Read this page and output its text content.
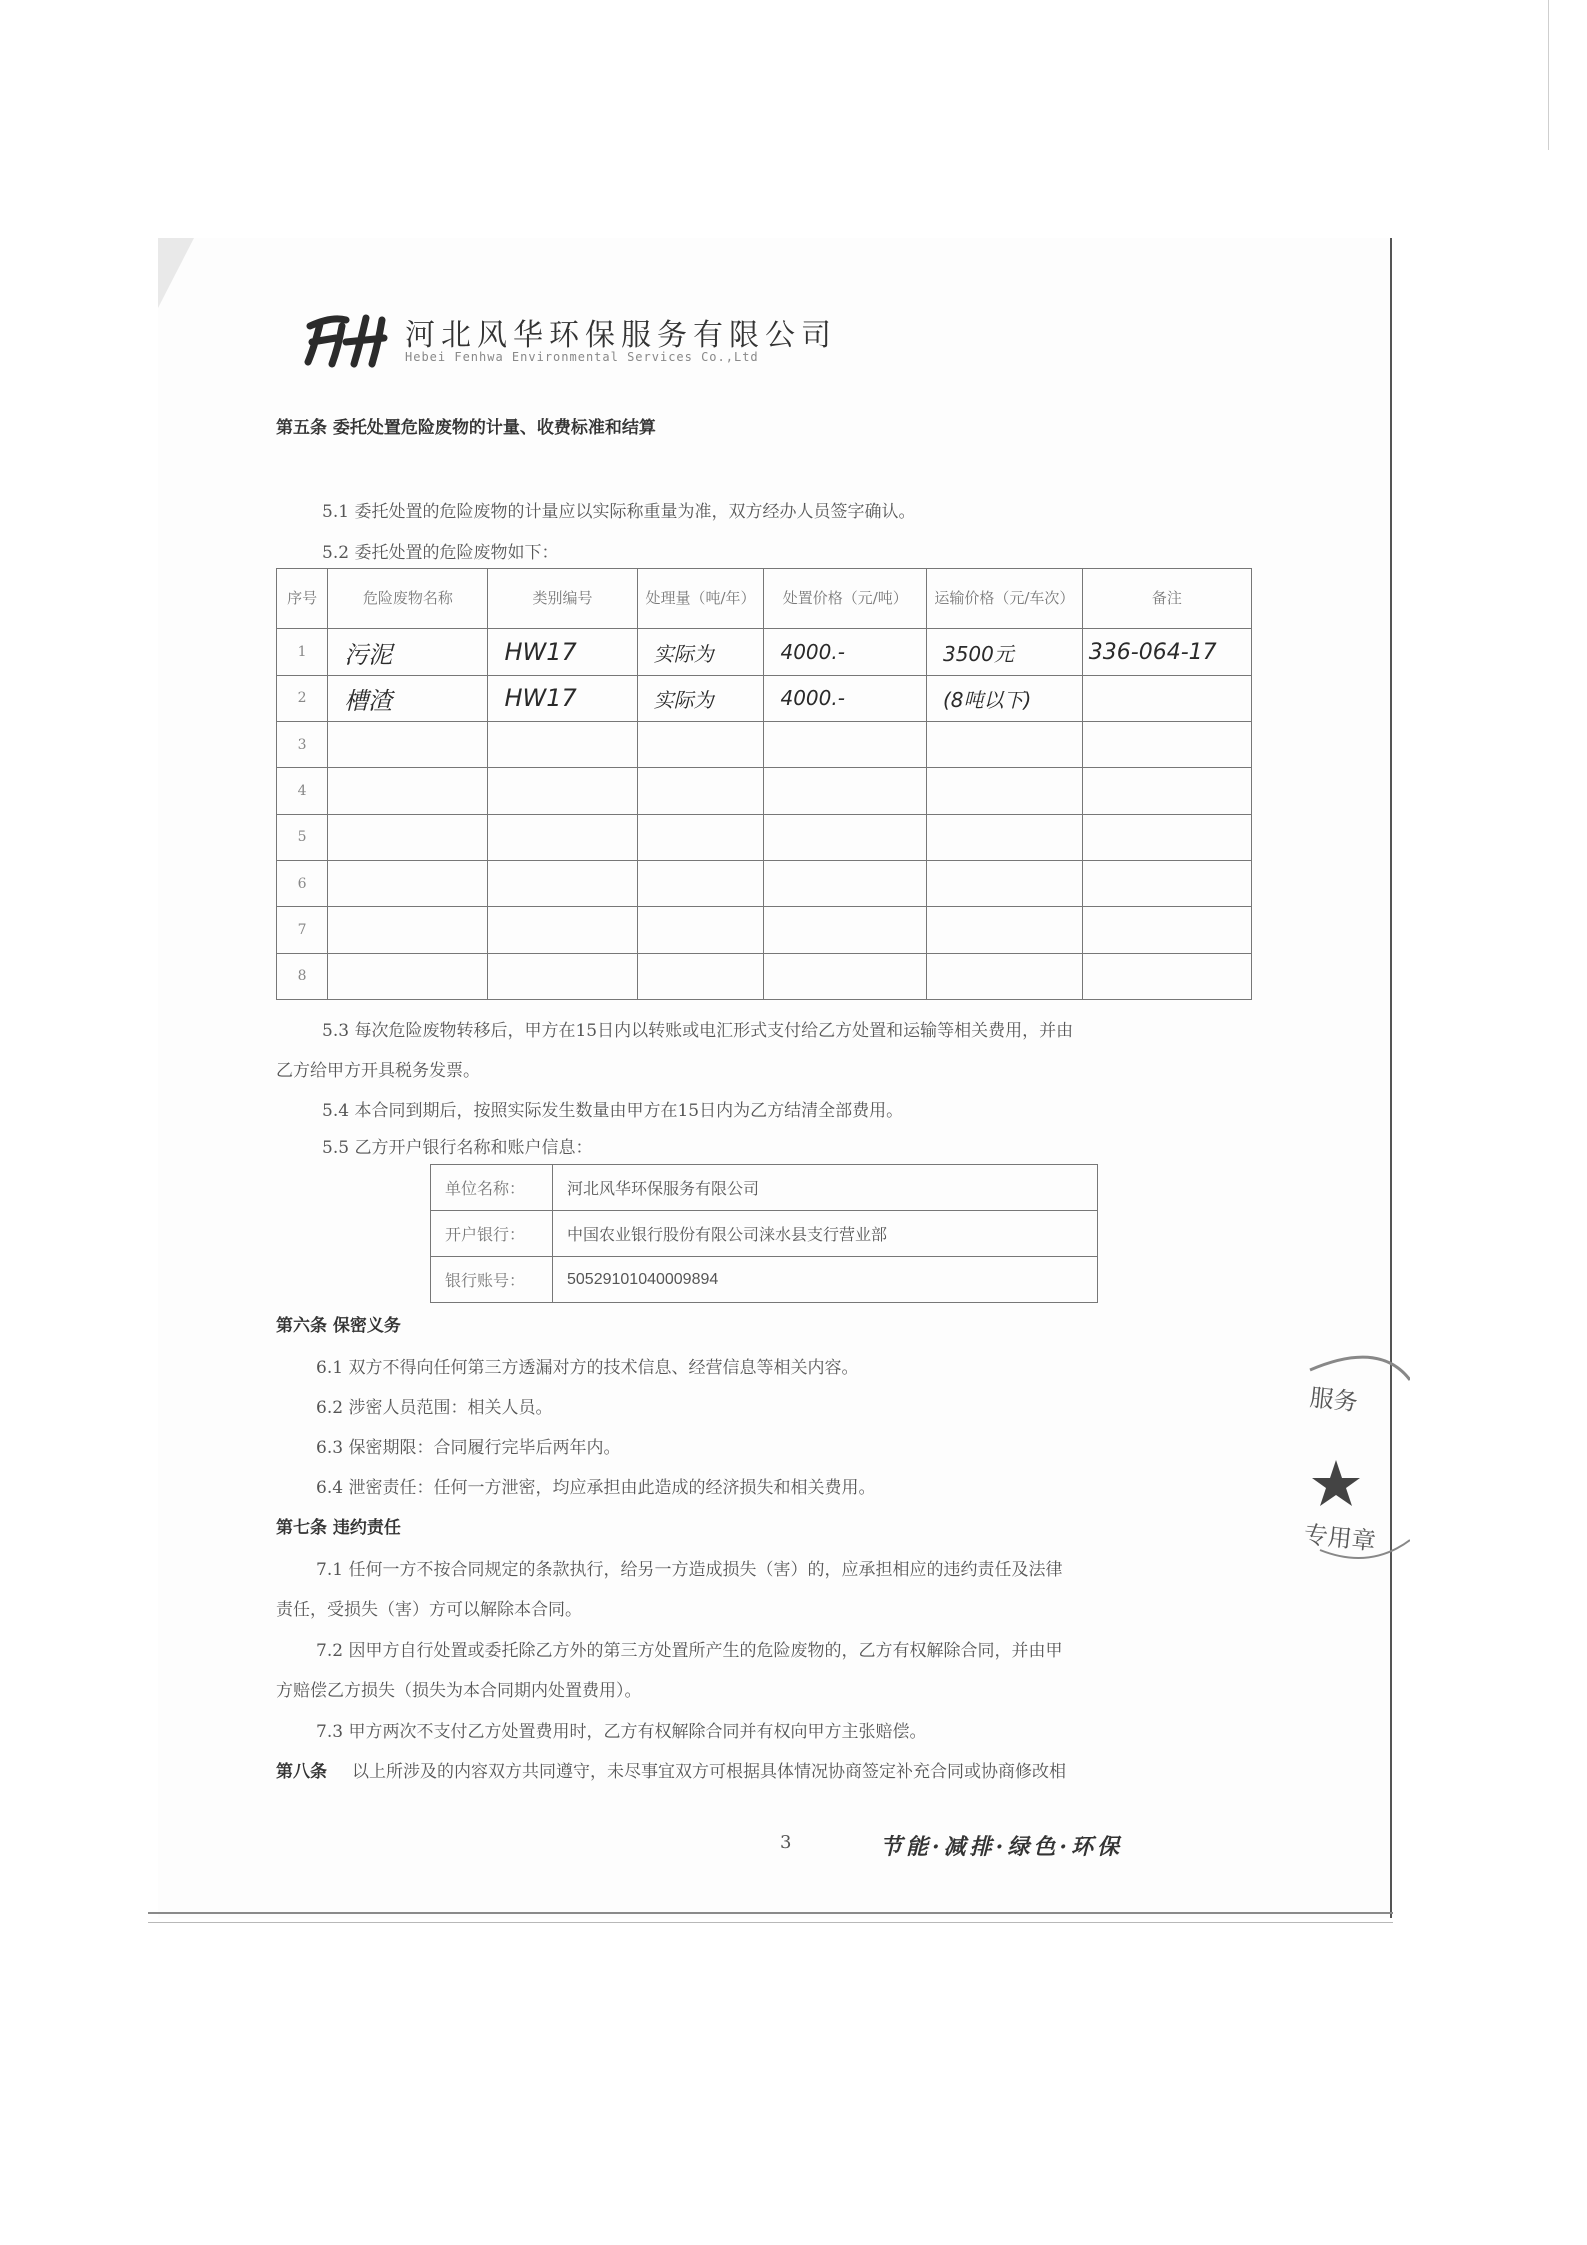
河北风华环保服务有限公司
Hebei Fenhwa Environmental Services Co.,Ltd
第五条 委托处置危险废物的计量、收费标准和结算
5.1 委托处置的危险废物的计量应以实际称重量为准，双方经办人员签字确认。
5.2 委托处置的危险废物如下：
序号	危险废物名称	类别编号	处理量（吨/年）	处置价格（元/吨）	运输价格（元/车次）	备注
1	污泥	HW17	实际为	4000.-	3500元	336-064-17
2	槽渣	HW17	实际为	4000.-	(8吨以下)	
3						
4						
5						
6						
7						
8						
5.3 每次危险废物转移后，甲方在15日内以转账或电汇形式支付给乙方处置和运输等相关费用，并由
乙方给甲方开具税务发票。
5.4 本合同到期后，按照实际发生数量由甲方在15日内为乙方结清全部费用。
5.5 乙方开户银行名称和账户信息：
单位名称：	河北风华环保服务有限公司
开户银行：	中国农业银行股份有限公司涞水县支行营业部
银行账号：	50529101040009894
第六条 保密义务
6.1 双方不得向任何第三方透漏对方的技术信息、经营信息等相关内容。
6.2 涉密人员范围：相关人员。
6.3 保密期限：合同履行完毕后两年内。
6.4 泄密责任：任何一方泄密，均应承担由此造成的经济损失和相关费用。
第七条 违约责任
7.1 任何一方不按合同规定的条款执行，给另一方造成损失（害）的，应承担相应的违约责任及法律
责任，受损失（害）方可以解除本合同。
7.2 因甲方自行处置或委托除乙方外的第三方处置所产生的危险废物的，乙方有权解除合同，并由甲
方赔偿乙方损失（损失为本合同期内处置费用）。
7.3 甲方两次不支付乙方处置费用时，乙方有权解除合同并有权向甲方主张赔偿。
第八条 以上所涉及的内容双方共同遵守，未尽事宜双方可根据具体情况协商签定补充合同或协商修改相
3	节能·减排·绿色·环保
服务
专用章
